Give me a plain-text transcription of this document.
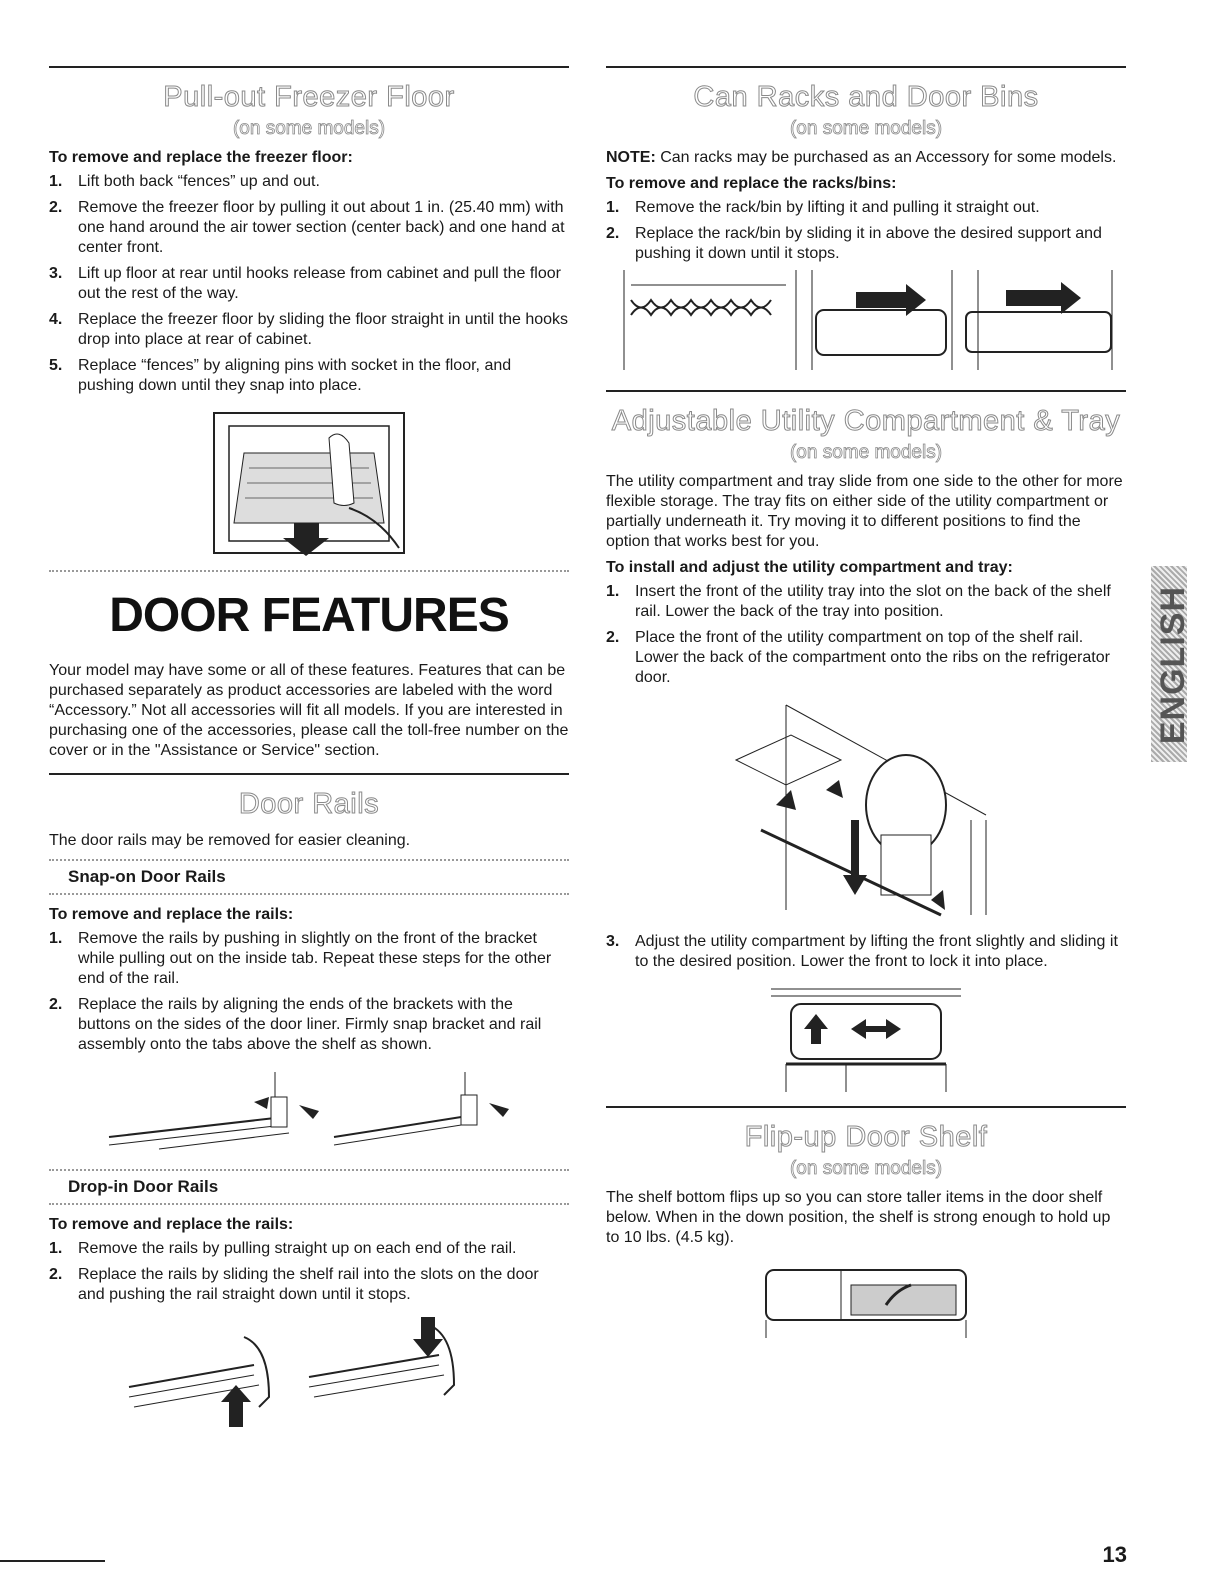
Pull-out Freezer Floor
(on some models)
To remove and replace the freezer floor:
1. Lift both back “fences” up and out.
2. Remove the freezer floor by pulling it out about 1 in. (25.40 mm) with one hand around the air tower section (center back) and one hand at center front.
3. Lift up floor at rear until hooks release from cabinet and pull the floor out the rest of the way.
4. Replace the freezer floor by sliding the floor straight in until the hooks drop into place at rear of cabinet.
5. Replace “fences” by aligning pins with socket in the floor, and pushing down until they snap into place.
DOOR FEATURES

Your model may have some or all of these features. Features that can be purchased separately as product accessories are labeled with the word “Accessory.” Not all accessories will fit all models. If you are interested in purchasing one of the accessories, please call the toll-free number on the cover or in the "Assistance or Service" section.

Door Rails

The door rails may be removed for easier cleaning.

Snap-on Door Rails
To remove and replace the rails:
1. Remove the rails by pushing in slightly on the front of the bracket while pulling out on the inside tab. Repeat these steps for the other end of the rail.
2. Replace the rails by aligning the ends of the brackets with the buttons on the sides of the door liner. Firmly snap bracket and rail assembly onto the tabs above the shelf as shown.
Drop-in Door Rails
To remove and replace the rails:
1. Remove the rails by pulling straight up on each end of the rail.
2. Replace the rails by sliding the shelf rail into the slots on the door and pushing the rail straight down until it stops.
Can Racks and Door Bins
(on some models)

NOTE: Can racks may be purchased as an Accessory for some models.

To remove and replace the racks/bins:
1. Remove the rack/bin by lifting it and pulling it straight out.
2. Replace the rack/bin by sliding it in above the desired support and pushing it down until it stops.
Adjustable Utility Compartment & Tray
(on some models)

The utility compartment and tray slide from one side to the other for more flexible storage. The tray fits on either side of the utility compartment or partially underneath it. Try moving it to different positions to find the option that works best for you.

To install and adjust the utility compartment and tray:
1. Insert the front of the utility tray into the slot on the back of the shelf rail. Lower the back of the tray into position.
2. Place the front of the utility compartment on top of the shelf rail. Lower the back of the compartment onto the ribs on the refrigerator door.
3. Adjust the utility compartment by lifting the front slightly and sliding it to the desired position. Lower the front to lock it into place.
Flip-up Door Shelf
(on some models)

The shelf bottom flips up so you can store taller items in the door shelf below. When in the down position, the shelf is strong enough to hold up to 10 lbs. (4.5 kg).

ENGLISH
13
